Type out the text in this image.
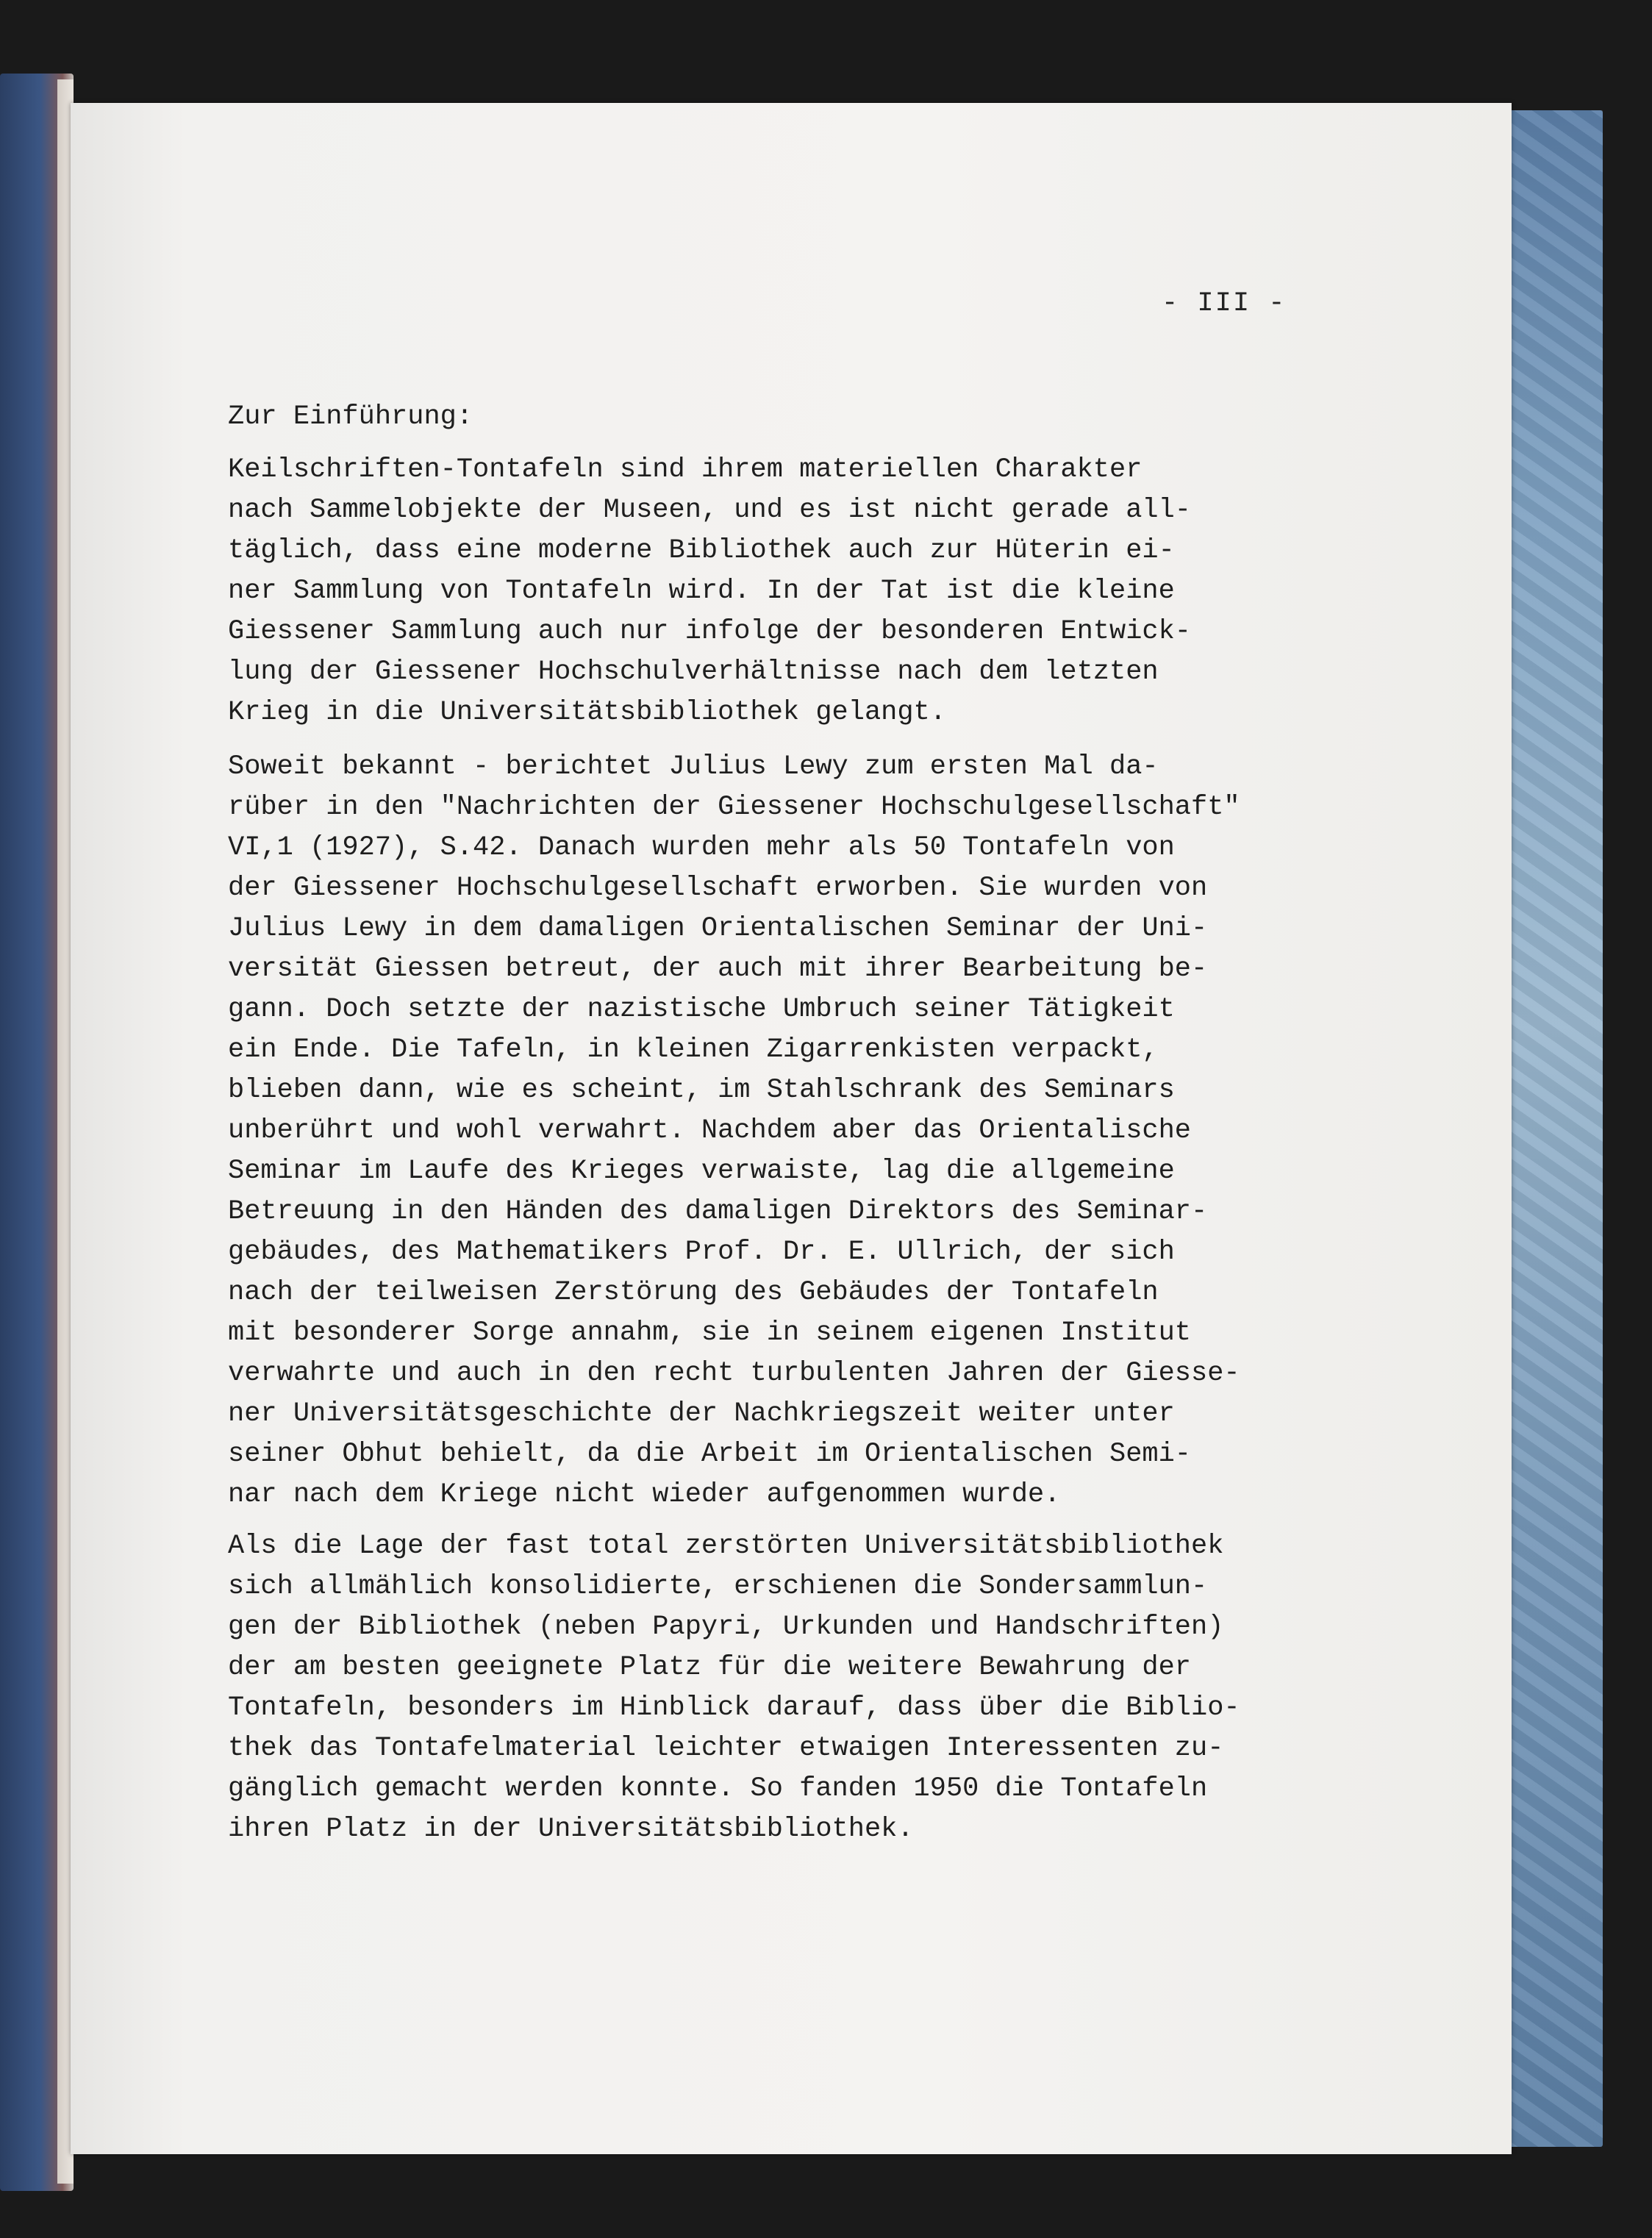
- III -
Zur Einführung:
Keilschriften-Tontafeln sind ihrem materiellen Charakter
nach Sammelobjekte der Museen, und es ist nicht gerade all-
täglich, dass eine moderne Bibliothek auch zur Hüterin ei-
ner Sammlung von Tontafeln wird. In der Tat ist die kleine
Giessener Sammlung auch nur infolge der besonderen Entwick-
lung der Giessener Hochschulverhältnisse nach dem letzten
Krieg in die Universitätsbibliothek gelangt.
Soweit bekannt - berichtet Julius Lewy zum ersten Mal da-
rüber in den "Nachrichten der Giessener Hochschulgesellschaft"
VI,1 (1927), S.42. Danach wurden mehr als 50 Tontafeln von
der Giessener Hochschulgesellschaft erworben. Sie wurden von
Julius Lewy in dem damaligen Orientalischen Seminar der Uni-
versität Giessen betreut, der auch mit ihrer Bearbeitung be-
gann. Doch setzte der nazistische Umbruch seiner Tätigkeit
ein Ende. Die Tafeln, in kleinen Zigarrenkisten verpackt,
blieben dann, wie es scheint, im Stahlschrank des Seminars
unberührt und wohl verwahrt. Nachdem aber das Orientalische
Seminar im Laufe des Krieges verwaiste, lag die allgemeine
Betreuung in den Händen des damaligen Direktors des Seminar-
gebäudes, des Mathematikers Prof. Dr. E. Ullrich, der sich
nach der teilweisen Zerstörung des Gebäudes der Tontafeln
mit besonderer Sorge annahm, sie in seinem eigenen Institut
verwahrte und auch in den recht turbulenten Jahren der Giesse-
ner Universitätsgeschichte der Nachkriegszeit weiter unter
seiner Obhut behielt, da die Arbeit im Orientalischen Semi-
nar nach dem Kriege nicht wieder aufgenommen wurde.
Als die Lage der fast total zerstörten Universitätsbibliothek
sich allmählich konsolidierte, erschienen die Sondersammlun-
gen der Bibliothek (neben Papyri, Urkunden und Handschriften)
der am besten geeignete Platz für die weitere Bewahrung der
Tontafeln, besonders im Hinblick darauf, dass über die Biblio-
thek das Tontafelmaterial leichter etwaigen Interessenten zu-
gänglich gemacht werden konnte. So fanden 1950 die Tontafeln
ihren Platz in der Universitätsbibliothek.
